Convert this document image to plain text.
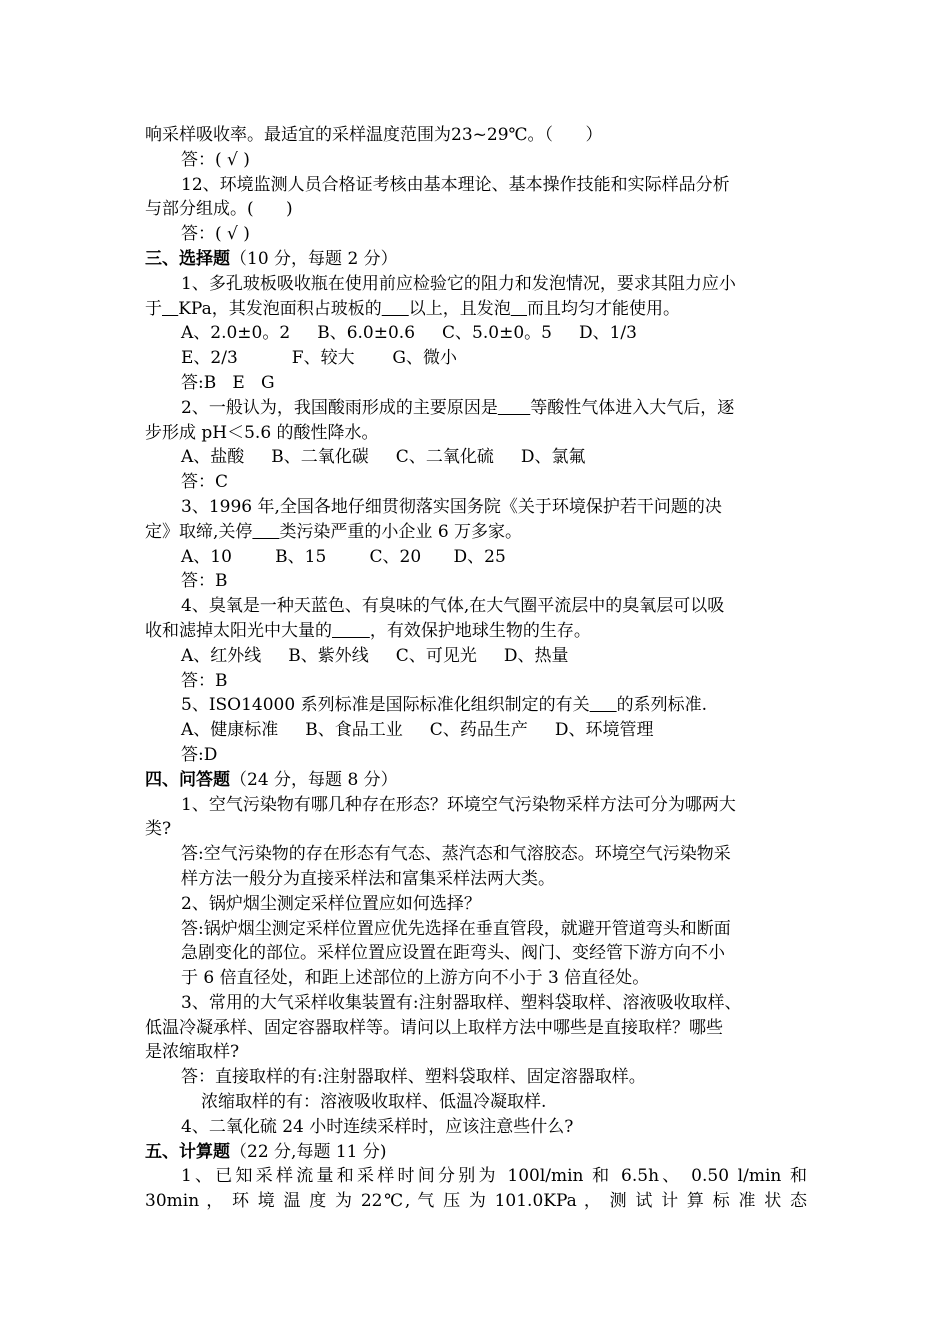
响采样吸收率。最适宜的采样温度范围为23~29℃。（      ）

答：( √ )

12、环境监测人员合格证考核由基本理论、基本操作技能和实际样品分析

与部分组成。(      )

答：( √ )

三、选择题（10 分，每题 2 分）

1、多孔玻板吸收瓶在使用前应检验它的阻力和发泡情况，要求其阻力应小

于 KPa，其发泡面积占玻板的 以上，且发泡 而且均匀才能使用。

A、2.0±0。2     B、6.0±0.6     C、5.0±0。5     D、1/3

E、2/3          F、较大       G、微小

答:B   E   G

2、一般认为，我国酸雨形成的主要原因是 等酸性气体进入大气后，逐

步形成 pH＜5.6 的酸性降水。

A、盐酸     B、二氧化碳     C、二氧化硫     D、氯氟

答：C

3、1996 年,全国各地仔细贯彻落实国务院《关于环境保护若干问题的决

定》取缔,关停 类污染严重的小企业 6 万多家。

A、10        B、15        C、20      D、25

答：B

4、臭氧是一种天蓝色、有臭味的气体,在大气圈平流层中的臭氧层可以吸

收和滤掉太阳光中大量的 ，有效保护地球生物的生存。

A、红外线     B、紫外线     C、可见光     D、热量

答：B

5、ISO14000 系列标准是国际标准化组织制定的有关 的系列标准.

A、健康标准     B、食品工业     C、药品生产     D、环境管理

答:D

四、问答题（24 分，每题 8 分）

1、空气污染物有哪几种存在形态？环境空气污染物采样方法可分为哪两大

类?

答:空气污染物的存在形态有气态、蒸汽态和气溶胶态。环境空气污染物采

样方法一般分为直接采样法和富集采样法两大类。

2、锅炉烟尘测定采样位置应如何选择？

答:锅炉烟尘测定采样位置应优先选择在垂直管段，就避开管道弯头和断面

急剧变化的部位。采样位置应设置在距弯头、阀门、变经管下游方向不小

于 6 倍直径处，和距上述部位的上游方向不小于 3 倍直径处。

3、常用的大气采样收集装置有:注射器取样、塑料袋取样、溶液吸收取样、

低温冷凝承样、固定容器取样等。请问以上取样方法中哪些是直接取样？哪些

是浓缩取样?

答：直接取样的有:注射器取样、塑料袋取样、固定溶器取样。

浓缩取样的有：溶液吸收取样、低温冷凝取样.

4、二氧化硫 24 小时连续采样时，应该注意些什么?

五、计算题（22 分,每题 11 分)

1、已知采样流量和采样时间分别为 100l/min 和 6.5h、 0.50 l/min 和

30min ， 环 境 温 度 为 22℃, 气 压 为 101.0KPa ， 测 试 计 算 标 准 状 态
